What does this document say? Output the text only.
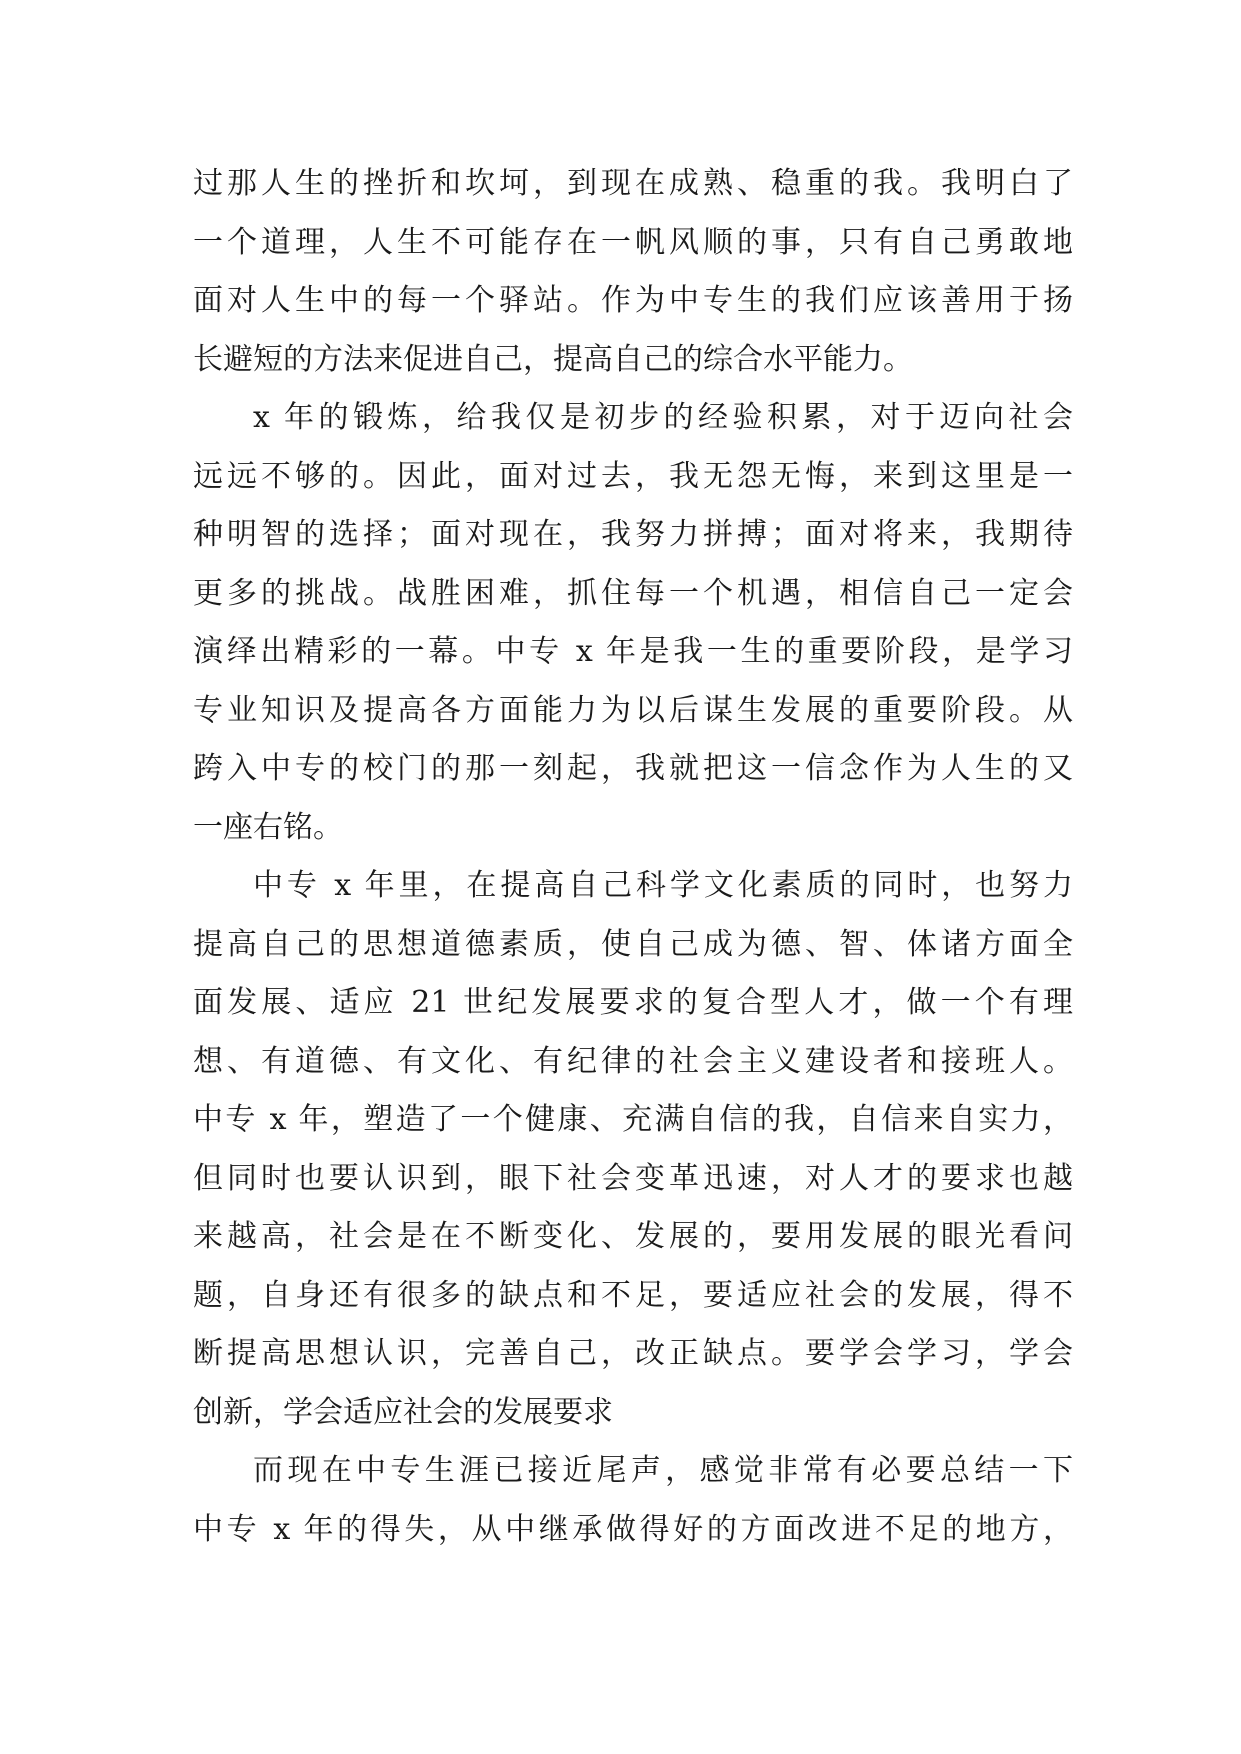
过那人生的挫折和坎坷，到现在成熟、稳重的我。我明白了
一个道理，人生不可能存在一帆风顺的事，只有自己勇敢地
面对人生中的每一个驿站。作为中专生的我们应该善用于扬
长避短的方法来促进自己，提高自己的综合水平能力。
x 年的锻炼，给我仅是初步的经验积累，对于迈向社会
远远不够的。因此，面对过去，我无怨无悔，来到这里是一
种明智的选择；面对现在，我努力拼搏；面对将来，我期待
更多的挑战。战胜困难，抓住每一个机遇，相信自己一定会
演绎出精彩的一幕。中专 x 年是我一生的重要阶段，是学习
专业知识及提高各方面能力为以后谋生发展的重要阶段。从
跨入中专的校门的那一刻起，我就把这一信念作为人生的又
一座右铭。
中专 x 年里，在提高自己科学文化素质的同时，也努力
提高自己的思想道德素质，使自己成为德、智、体诸方面全
面发展、适应 21 世纪发展要求的复合型人才，做一个有理
想、有道德、有文化、有纪律的社会主义建设者和接班人。
中专 x 年，塑造了一个健康、充满自信的我，自信来自实力，
但同时也要认识到，眼下社会变革迅速，对人才的要求也越
来越高，社会是在不断变化、发展的，要用发展的眼光看问
题，自身还有很多的缺点和不足，要适应社会的发展，得不
断提高思想认识，完善自己，改正缺点。要学会学习，学会
创新，学会适应社会的发展要求
而现在中专生涯已接近尾声，感觉非常有必要总结一下
中专 x 年的得失，从中继承做得好的方面改进不足的地方，
